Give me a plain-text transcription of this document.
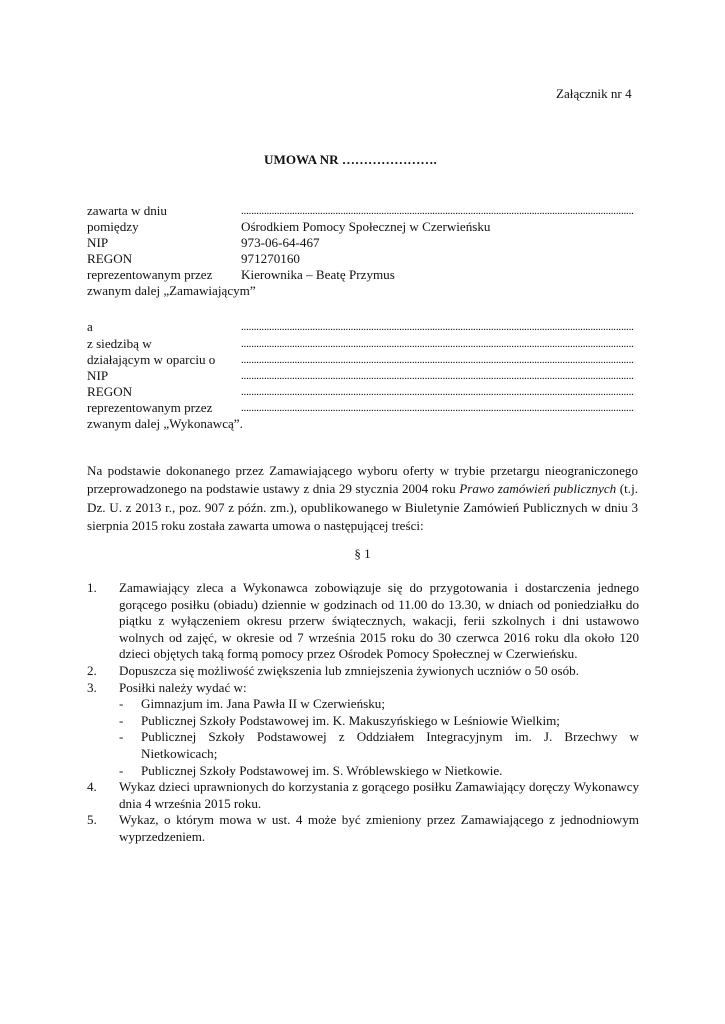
Załącznik nr 4
UMOWA NR ………………….
zawarta w dniu	..........................................................................................................................................................
pomiędzy	Ośrodkiem Pomocy Społecznej w Czerwieńsku
NIP	973-06-64-467
REGON	971270160
reprezentowanym przez Kierownika – Beatę Przymus
zwanym dalej „Zamawiającym”
a	..........................................................................................................................................................
z siedzibą w	..........................................................................................................................................................
działającym w oparciu o ..........................................................................................................................................................
NIP	..........................................................................................................................................................
REGON	..........................................................................................................................................................
reprezentowanym przez	..........................................................................................................................................................
zwanym dalej „Wykonawcą”.
Na podstawie dokonanego przez Zamawiającego wyboru oferty w trybie przetargu nieograniczonego przeprowadzonego na podstawie ustawy z dnia 29 stycznia 2004 roku Prawo zamówień publicznych (t.j. Dz. U. z 2013 r., poz. 907 z późn. zm.), opublikowanego w Biuletynie Zamówień Publicznych w dniu 3 sierpnia 2015 roku została zawarta umowa o następującej treści:
§ 1
1. Zamawiający zleca a Wykonawca zobowiązuje się do przygotowania i dostarczenia jednego gorącego posiłku (obiadu) dziennie w godzinach od 11.00 do 13.30, w dniach od poniedziałku do piątku z wyłączeniem okresu przerw świątecznych, wakacji, ferii szkolnych i dni ustawowo wolnych od zajęć, w okresie od 7 września 2015 roku do 30 czerwca 2016 roku dla około 120 dzieci objętych taką formą pomocy przez Ośrodek Pomocy Społecznej w Czerwieńsku.
2. Dopuszcza się możliwość zwiększenia lub zmniejszenia żywionych uczniów o 50 osób.
3. Posiłki należy wydać w:
- Gimnazjum im. Jana Pawła II w Czerwieńsku;
- Publicznej Szkoły Podstawowej im. K. Makuszyńskiego w Leśniowie Wielkim;
- Publicznej Szkoły Podstawowej z Oddziałem Integracyjnym im. J. Brzechwy w Nietkowicach;
- Publicznej Szkoły Podstawowej im. S. Wróblewskiego w Nietkowie.
4. Wykaz dzieci uprawnionych do korzystania z gorącego posiłku Zamawiający doręczy Wykonawcy dnia 4 września 2015 roku.
5. Wykaz, o którym mowa w ust. 4 może być zmieniony przez Zamawiającego z jednodniowym wyprzedzeniem.
